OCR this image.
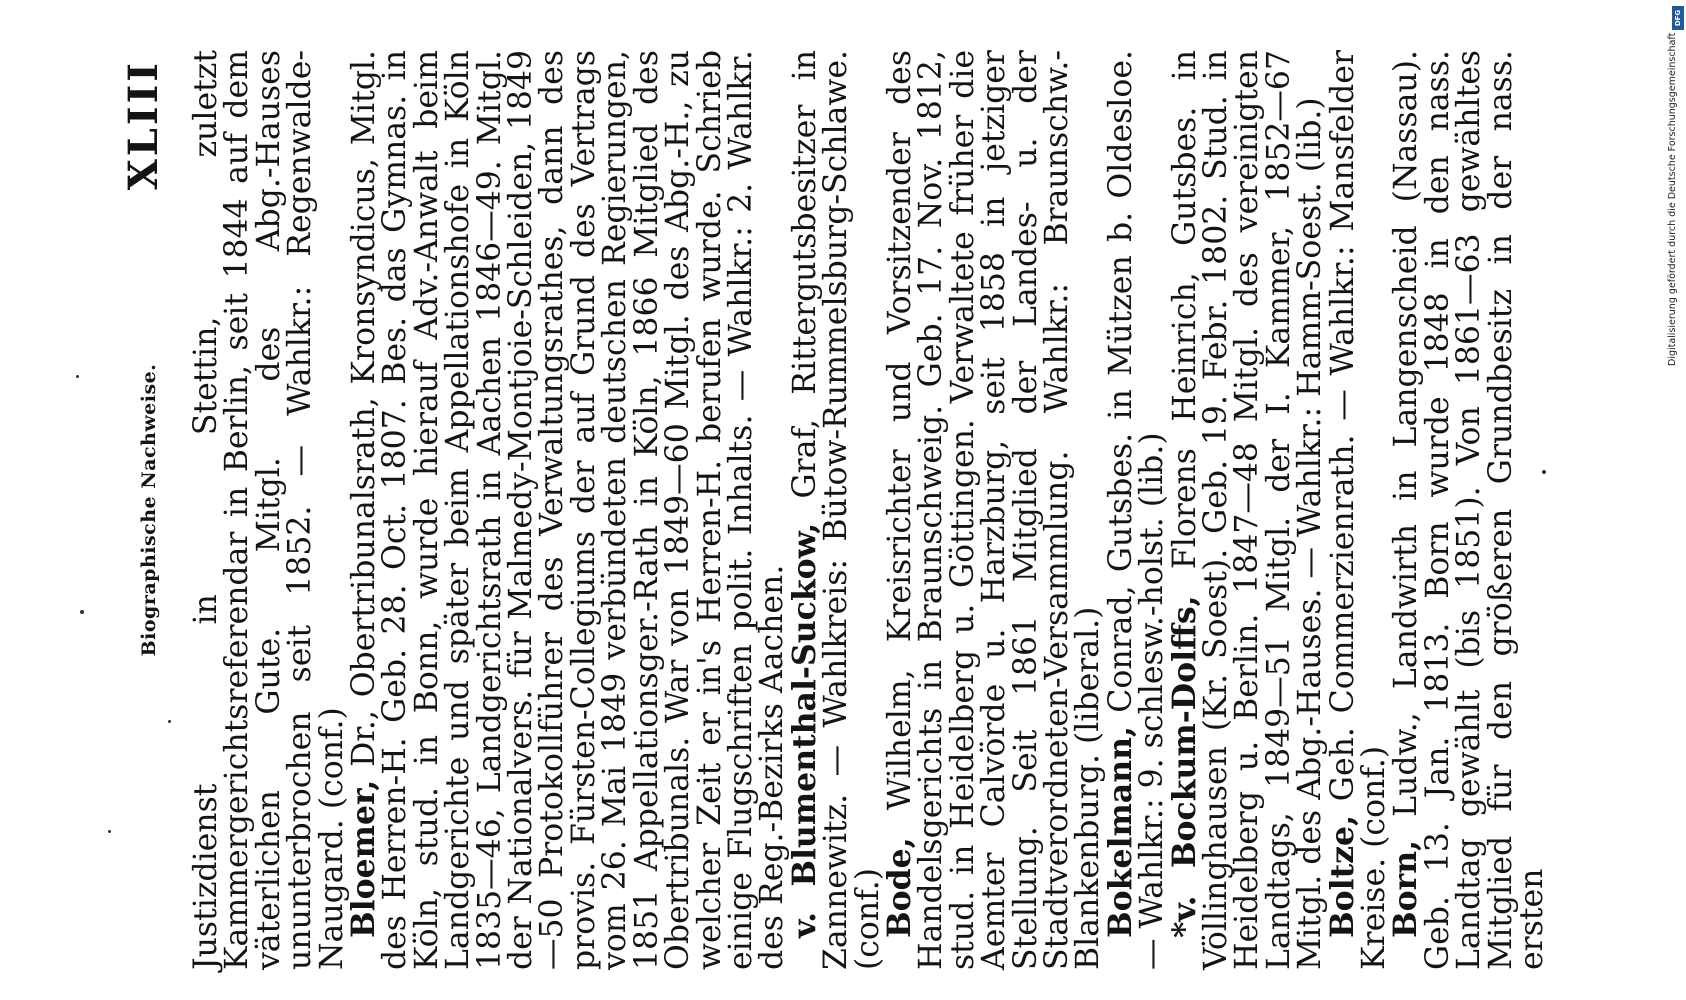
Biographische Nachweise.
XLIII Justizdienst in Stettin, zuletzt Kammergerichtsreferendar in Berlin, seit 1844 auf dem väterlichen Gute. Mitgl. des Abg.-Hauses ununterbrochen seit 1852. — Wahlkr.: Regenwalde-Naugard. (conf.)

Bloemer, Dr., Obertribunalsrath, Kronsyndicus, Mitgl. des Herren-H. Geb. 28. Oct. 1807. Bes. das Gymnas. in Köln, stud. in Bonn, wurde hierauf Adv.-Anwalt beim Landgerichte und später beim Appellationshofe in Köln 1835—46, Landgerichtsrath in Aachen 1846—49. Mitgl. der Nationalvers. für Malmedy-Montjoie-Schleiden, 1849—50 Protokollführer des Verwaltungsrathes, dann des provis. Fürsten-Collegiums der auf Grund des Vertrags vom 26. Mai 1849 verbündeten deutschen Regierungen, 1851 Appellationsger.-Rath in Köln, 1866 Mitglied des Obertribunals. War von 1849—60 Mitgl. des Abg.-H., zu welcher Zeit er in's Herren-H. berufen wurde. Schrieb einige Flugschriften polit. Inhalts. — Wahlkr.: 2. Wahlkr. des Reg.-Bezirks Aachen.

v. Blumenthal-Suckow, Graf, Rittergutsbesitzer in Zannewitz. — Wahlkreis: Bütow-Rummelsburg-Schlawe. (conf.)

Bode, Wilhelm, Kreisrichter und Vorsitzender des Handelsgerichts in Braunschweig. Geb. 17. Nov. 1812, stud. in Heidelberg u. Göttingen. Verwaltete früher die Aemter Calvörde u. Harzburg, seit 1858 in jetziger Stellung. Seit 1861 Mitglied der Landes- u. der Stadtverordneten-Versammlung. Wahlkr.: Braunschw.-Blankenburg. (liberal.)

Bokelmann, Conrad, Gutsbes. in Mützen b. Oldesloe. — Wahlkr.: 9. schlesw.-holst. (lib.)

*v. Bockum-Dolffs, Florens Heinrich, Gutsbes. in Völlinghausen (Kr. Soest). Geb. 19. Febr. 1802. Stud. in Heidelberg u. Berlin. 1847—48 Mitgl. des vereinigten Landtags, 1849—51 Mitgl. der I. Kammer, 1852—67 Mitgl. des Abg.-Hauses. — Wahlkr.: Hamm-Soest. (lib.)

Boltze, Geh. Commerzienrath. — Wahlkr.: Mansfelder Kreise. (conf.)

Born, Ludw., Landwirth in Langenscheid (Nassau). Geb. 13. Jan. 1813. Born wurde 1848 in den nass. Landtag gewählt (bis 1851). Von 1861—63 gewähltes Mitglied für den größeren Grundbesitz in der nass. ersten

Digitalisierung gefördert durch die Deutsche Forschungsgemeinschaft
DFG
